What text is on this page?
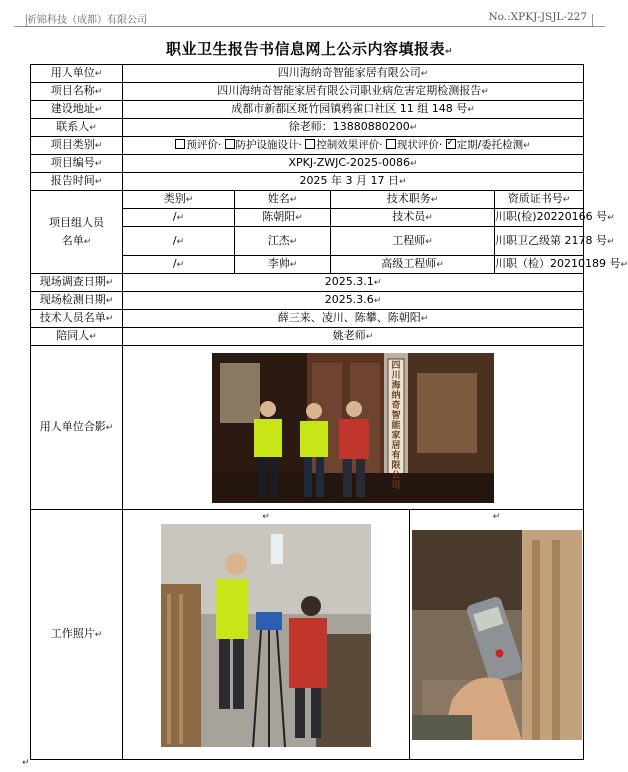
祈锦科技（成都）有限公司	No.:XPKJ-JSJL-227
职业卫生报告书信息网上公示内容填报表↵
用人单位↵	四川海纳奇智能家居有限公司↵				
项目名称↵	四川海纳奇智能家居有限公司职业病危害定期检测报告↵				
建设地址↵	成都市新都区斑竹园镇鸦雀口社区 11 组 148 号↵				
联系人↵	徐老师：13880880200↵				
项目类别↵	预评价· 防护设施设计· 控制效果评价· 现状评价· ✓定期/委托检测↵
项目编号↵	XPKJ-ZWJC-2025-0086↵				
报告时间↵	2025 年 3 月 17 日↵				
项目组人员名单↵	类别↵	姓名↵	技术职务↵		资质证书号↵
	/↵	陈朝阳↵	技术员↵		川职(检)20220166 号↵
	/↵	江杰↵	工程师↵		川职卫乙级第 2178 号↵
	/↵	李帅↵	高级工程师↵		川职（检）20210189 号↵
现场调查日期↵	2025.3.1↵				
现场检测日期↵	2025.3.6↵				
技术人员名单↵	薛三来、凌川、陈攀、陈朝阳↵				
陪同人↵	姚老师↵				
用人单位合影↵	四川海纳奇智能家居有限公司				

工作照片↵	↵			↵	
↵
